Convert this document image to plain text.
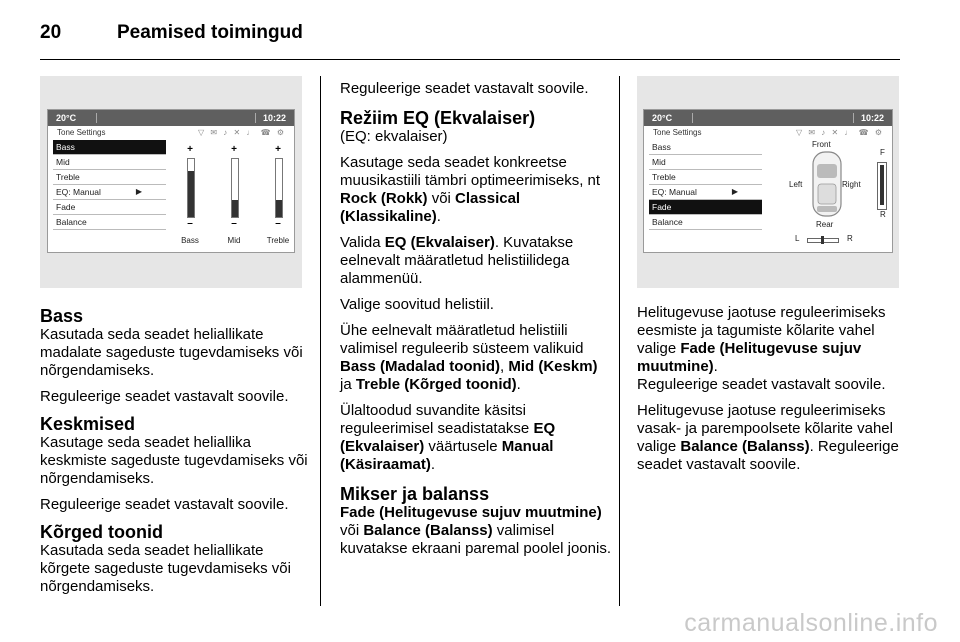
20	Peamised toimingud
20°C	10:22
Tone Settings	▽ ✉ ♪ ✕ ♩ ☎ ⚙
Bass
Mid
Treble
EQ: Manual	▶
Fade
Balance
+
–
+
–
+
–
Bass	Mid	Treble
Bass

Kasutada seda seadet heliallikate madalate sageduste tugevdamiseks või nõrgendamiseks.

Reguleerige seadet vastavalt soovile.

Keskmised

Kasutage seda seadet heliallika keskmiste sageduste tugevdamiseks või nõrgendamiseks.

Reguleerige seadet vastavalt soovile.

Kõrged toonid

Kasutada seda seadet heliallikate kõrgete sageduste tugevdamiseks või nõrgendamiseks.

Reguleerige seadet vastavalt soovile.

Režiim EQ (Ekvalaiser)

(EQ: ekvalaiser)

Kasutage seda seadet konkreetse muusikastiili tämbri optimeerimiseks, nt Rock (Rokk) või Classical (Klassikaline).

Valida EQ (Ekvalaiser). Kuvatakse eelnevalt määratletud helistiilidega alammenüü.

Valige soovitud helistiil.

Ühe eelnevalt määratletud helistiili valimisel reguleerib süsteem valikuid Bass (Madalad toonid), Mid (Keskm) ja Treble (Kõrged toonid).

Ülaltoodud suvandite käsitsi reguleerimisel seadistatakse EQ (Ekvalaiser) väärtusele Manual (Käsiraamat).

Mikser ja balanss

Fade (Helitugevuse sujuv muutmine) või Balance (Balanss) valimisel kuvatakse ekraani paremal poolel joonis.

20°C	10:22
Tone Settings	▽ ✉ ♪ ✕ ♩ ☎ ⚙
Bass
Mid
Treble
EQ: Manual	▶
Fade
Balance
Front
Rear
Left	Right
F
R
L	R

Helitugevuse jaotuse reguleerimiseks eesmiste ja tagumiste kõlarite vahel valige Fade (Helitugevuse sujuv muutmine).
Reguleerige seadet vastavalt soovile.

Helitugevuse jaotuse reguleerimiseks vasak- ja parempoolsete kõlarite vahel valige Balance (Balanss). Reguleerige seadet vastavalt soovile.

carmanualsonline.info
